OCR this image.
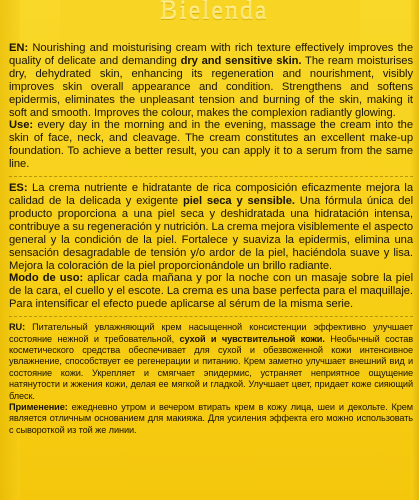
Bielenda

EN: Nourishing and moisturising cream with rich texture effectively improves the quality of delicate and demanding dry and sensitive skin. The ream moisturises dry, dehydrated skin, enhancing its regeneration and nourishment, visibly improves skin overall appearance and condition. Strengthens and softens epidermis, eliminates the unpleasant tension and burning of the skin, making it soft and smooth. Improves the colour, makes the complexion radiantly glowing.

Use: every day in the morning and in the evening, massage the cream into the skin of face, neck, and cleavage. The cream constitutes an excellent make-up foundation. To achieve a better result, you can apply it to a serum from the same line.

ES: La crema nutriente e hidratante de rica composición eficazmente mejora la calidad de la delicada y exigente piel seca y sensible. Una fórmula única del producto proporciona a una piel seca y deshidratada una hidratación intensa, contribuye a su regeneración y nutrición. La crema mejora visiblemente el aspecto general y la condición de la piel. Fortalece y suaviza la epidermis, elimina una sensación desagradable de tensión y/o ardor de la piel, haciéndola suave y lisa. Mejora la coloración de la piel proporcionándole un brillo radiante.

Modo de uso: aplicar cada mañana y por la noche con un masaje sobre la piel de la cara, el cuello y el escote. La crema es una base perfecta para el maquillaje. Para intensificar el efecto puede aplicarse al sérum de la misma serie.

RU: Питательный увлажняющий крем насыщенной консистенции эффективно улучшает состояние нежной и требовательной, сухой и чувствительной кожи. Необычный состав косметического средства обеспечивает для сухой и обезвоженной кожи интенсивное увлажнение, способствует ее регенерации и питанию. Крем заметно улучшает внешний вид и состояние кожи. Укрепляет и смягчает эпидермис, устраняет неприятное ощущение натянутости и жжения кожи, делая ее мягкой и гладкой. Улучшает цвет, придает коже сияющий блеск.

Применение: ежедневно утром и вечером втирать крем в кожу лица, шеи и декольте. Крем является отличным основанием для макияжа. Для усиления эффекта его можно использовать с сывороткой из той же линии.
